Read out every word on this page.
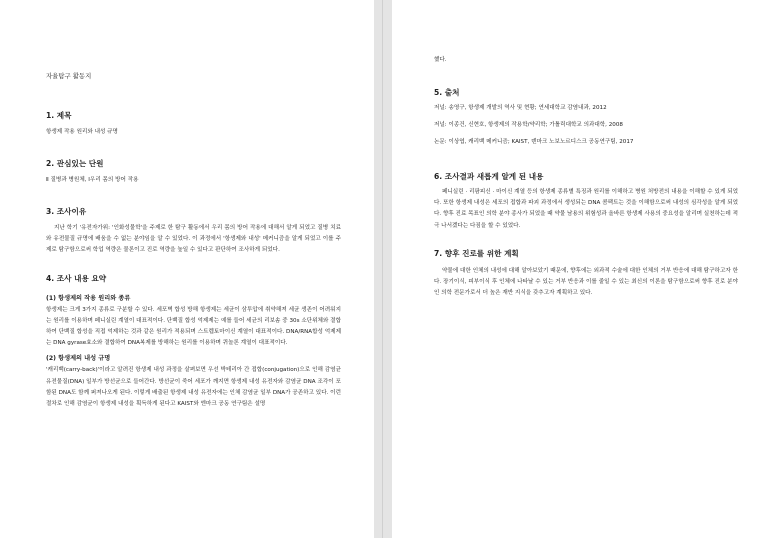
자율탐구 활동지
1. 제목
항생제 작용 원리와 내성 규명
2. 관심있는 단원
Ⅱ 질병과 병원체, Ⅰ우리 몸의 방어 작용
3. 조사이유

지난 학기 '유전자가위: '인화성물학'을 주제로 한 탐구 활동에서 우리 몸의 방어 작용에 대해서 알게 되었고 질병 치료와 유전물질 규명에 배움을 수 없는 분야임을 알 수 있었다. 이 과정에서 '항생제와 내성' 메커니즘을 알게 되었고 이를 주제로 탐구함으로써 학업 역량은 물론이고 진로 역량을 높일 수 있다고 판단하여 조사하게 되었다.

4. 조사 내용 요약
(1) 항생제의 작용 원리와 종류

항생제는 크게 3가지 종류로 구분할 수 있다. 세포벽 합성 방해 항생제는 세균이 삼투압에 취약해져 세균 생존이 어려워지는 원리를 이용하며 페니실린 계열이 대표적이다. 단백질 합성 억제제는 예를 들어 세균의 리보솜 중 30s 소단위체와 결합하여 단백질 합성을 직접 억제하는 것과 같은 원리가 적용되며 스트렙토마이신 계열이 대표적이다. DNA/RNA합성 억제제는 DNA gyrase효소와 결합하여 DNA복제를 방해하는 원리를 이용하며 퀴놀론 계열이 대표적이다.

(2) 항생제의 내성 규명

'캐리백(carry-back)'이라고 알려진 항생제 내성 과정을 살펴보면 우선 박테리아 간 접합(conjugation)으로 인해 감염균 유전물질(DNA) 일부가 방선균으로 들어간다. 방선균이 죽어 세포가 깨지면 항생제 내성 유전자와 감염균 DNA 조각이 포함된 DNA도 함께 퍼져나오게 된다. 이렇게 배출된 항생제 내성 유전자에는 인체 감염균 일부 DNA가 공존하고 있다. 이런 절차로 인해 감염균이 항생제 내성을 획득하게 된다고 KAIST와 엔마크 공동 연구팀은 설명

했다.
5. 출처
저널: 송영구, 항생제 개발의 역사 및 현황; 연세대학교 감염내과, 2012
저널: 이종건, 신현호, 항생제의 작용학/약리학; 가톨릭대학교 의과대학, 2008
논문: 이상엽, 캐리백 메커니즘; KAIST, 덴마크 노보노르디스크 공동연구팀, 2017
6. 조사결과 새롭게 알게 된 내용

페니실린 · 리팜피신 · 마이신 계열 등의 항생제 종류별 특징과 원리를 이해하고 병원 처방전의 내용을 이해할 수 있게 되었다. 또한 항생제 내성은 세포의 접합과 파괴 과정에서 생성되는 DNA 콤팩트는 것을 이해함으로써 내성의 심각성을 알게 되었다. 향후 진료 목표인 의학 분야 종사가 되었을 때 약물 남용의 위험성과 올바른 항생제 사용의 중요성을 알리며 실천하는데 적극 나서겠다는 다짐을 할 수 있었다.

7. 향후 진로를 위한 계획

약물에 대한 인체의 내성에 대해 알아보았기 때문에, 향후에는 외과적 수술에 대한 인체의 거부 반응에 대해 탐구하고자 한다. 장기이식, 피부이식 후 인체에 나타날 수 있는 거부 반응과 이를 줄일 수 있는 최신의 이론을 탐구함으로써 향후 진로 분야인 의학 전문가로서 더 높은 재반 지식을 갖추고자 계획하고 있다.
